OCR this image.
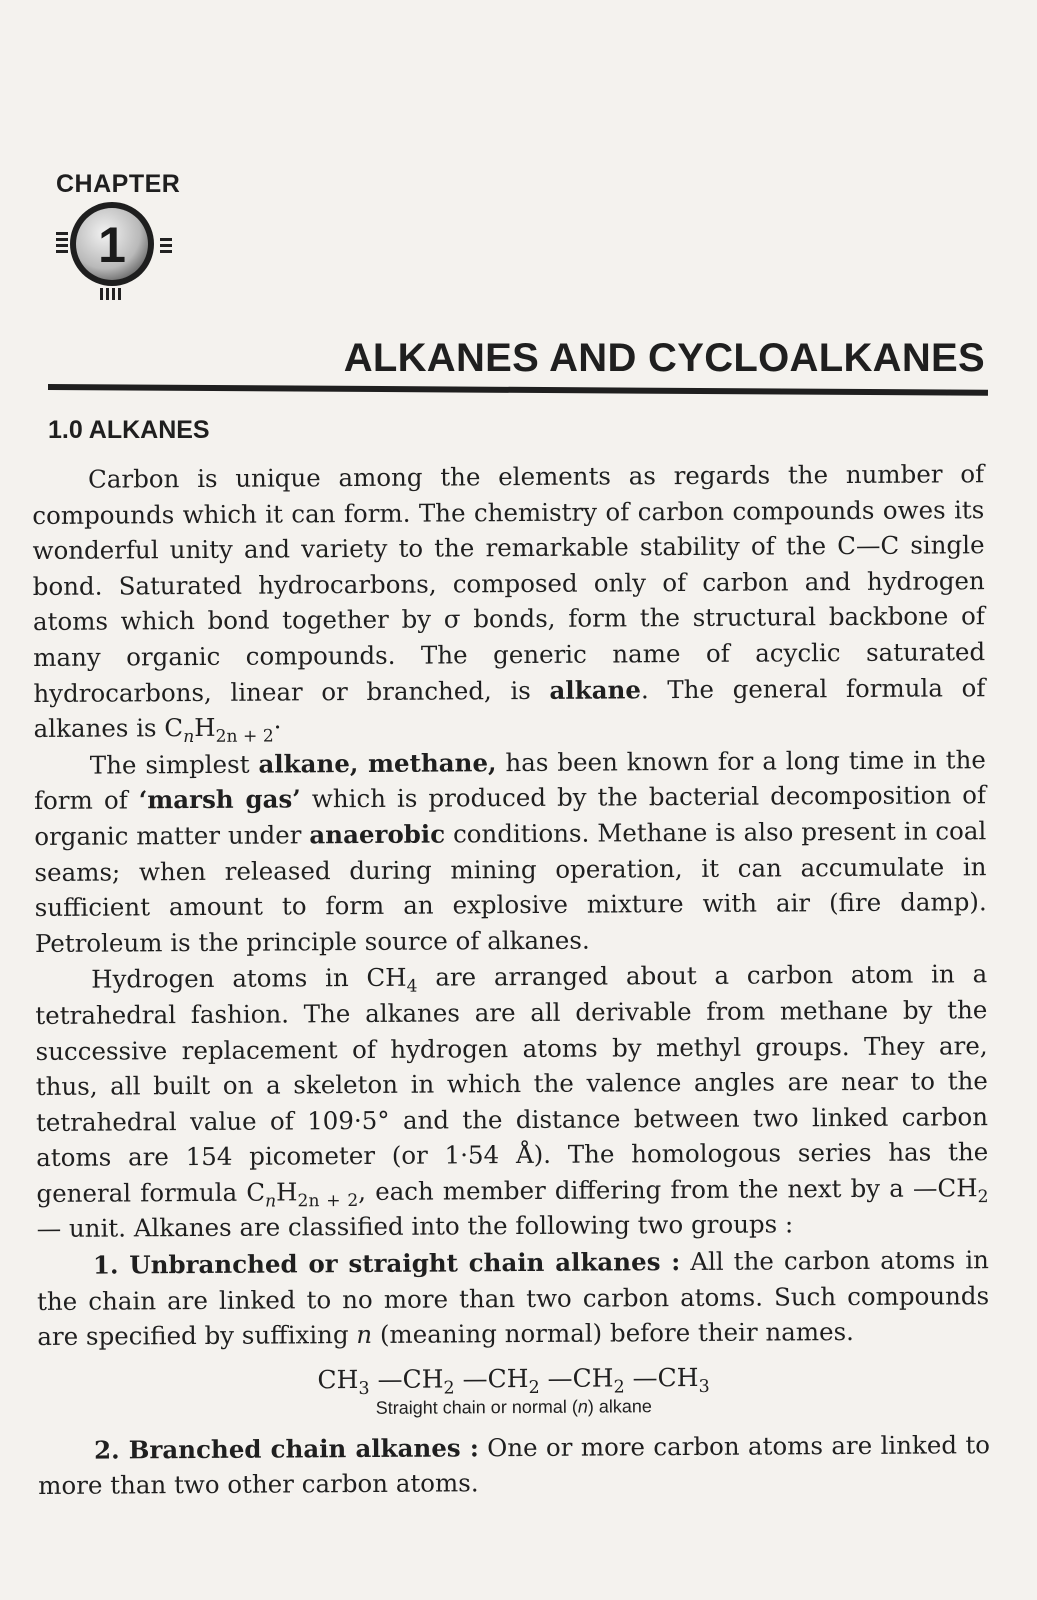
CHAPTER
1
ALKANES AND CYCLOALKANES
1.0 ALKANES

Carbon is unique among the elements as regards the number of compounds which it can form. The chemistry of carbon compounds owes its wonderful unity and variety to the remarkable stability of the C—C single bond. Saturated hydrocarbons, composed only of carbon and hydrogen atoms which bond together by σ bonds, form the structural backbone of many organic compounds. The generic name of acyclic saturated hydrocarbons, linear or branched, is alkane. The general formula of alkanes is $C_nH_{2n + 2}\cdot$

The simplest alkane, methane, has been known for a long time in the form of ‘marsh gas’ which is produced by the bacterial decomposition of organic matter under anaerobic conditions. Methane is also present in coal seams; when released during mining operation, it can accumulate in sufficient amount to form an explosive mixture with air (fire damp). Petroleum is the principle source of alkanes.

Hydrogen atoms in $CH_4$ are arranged about a carbon atom in a tetrahedral fashion. The alkanes are all derivable from methane by the successive replacement of hydrogen atoms by methyl groups. They are, thus, all built on a skeleton in which the valence angles are near to the tetrahedral value of 109·5° and the distance between two linked carbon atoms are 154 picometer (or 1·54 Å). The homologous series has the general formula $C_nH_{2n + 2}$, each member differing from the next by a $—CH_2$ — unit. Alkanes are classified into the following two groups :

1. Unbranched or straight chain alkanes : All the carbon atoms in the chain are linked to no more than two carbon atoms. Such compounds are specified by suffixing n (meaning normal) before their names.

$CH_3$ $—CH_2$ $—CH_2$ $—CH_2$ $—CH_3$
Straight chain or normal (n) alkane

2. Branched chain alkanes : One or more carbon atoms are linked to more than two other carbon atoms.
